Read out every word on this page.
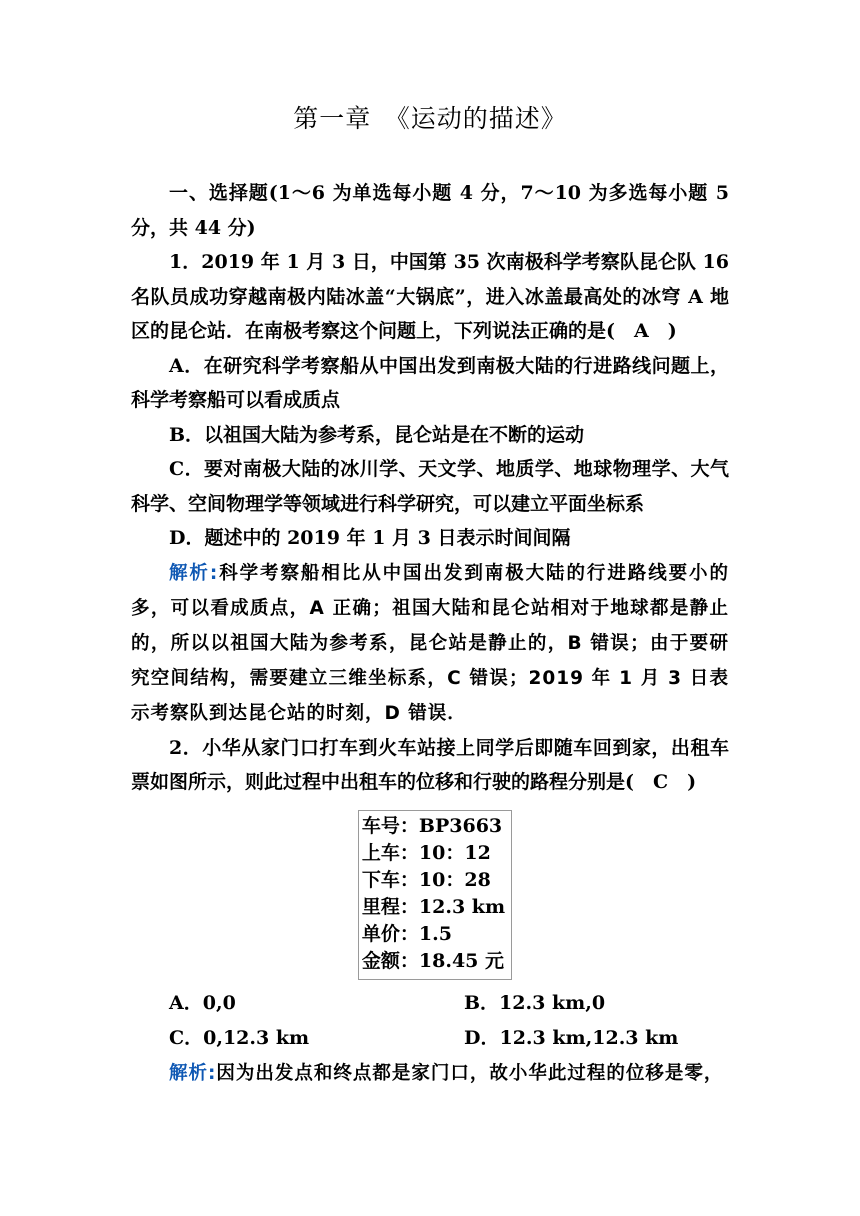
第一章　《运动的描述》

一、选择题(1～6 为单选每小题 4 分，7～10 为多选每小题 5 分，共 44 分)

1．2019 年 1 月 3 日，中国第 35 次南极科学考察队昆仑队 16 名队员成功穿越南极内陆冰盖“大锅底”，进入冰盖最高处的冰穹 A 地区的昆仑站．在南极考察这个问题上，下列说法正确的是(　A　)

A．在研究科学考察船从中国出发到南极大陆的行进路线问题上，科学考察船可以看成质点

B．以祖国大陆为参考系，昆仑站是在不断的运动

C．要对南极大陆的冰川学、天文学、地质学、地球物理学、大气科学、空间物理学等领域进行科学研究，可以建立平面坐标系

D．题述中的 2019 年 1 月 3 日表示时间间隔

解析:科学考察船相比从中国出发到南极大陆的行进路线要小的多，可以看成质点，A 正确；祖国大陆和昆仑站相对于地球都是静止的，所以以祖国大陆为参考系，昆仑站是静止的，B 错误；由于要研究空间结构，需要建立三维坐标系，C 错误；2019 年 1 月 3 日表示考察队到达昆仑站的时刻，D 错误．

2．小华从家门口打车到火车站接上同学后即随车回到家，出租车票如图所示，则此过程中出租车的位移和行驶的路程分别是(　C　)

车号：BP3663
上车：10：12
下车：10：28
里程：12.3 km
单价：1.5
金额：18.45 元
A．0,0	B．12.3 km,0
C．0,12.3 km	D．12.3 km,12.3 km

解析:因为出发点和终点都是家门口，故小华此过程的位移是零，
